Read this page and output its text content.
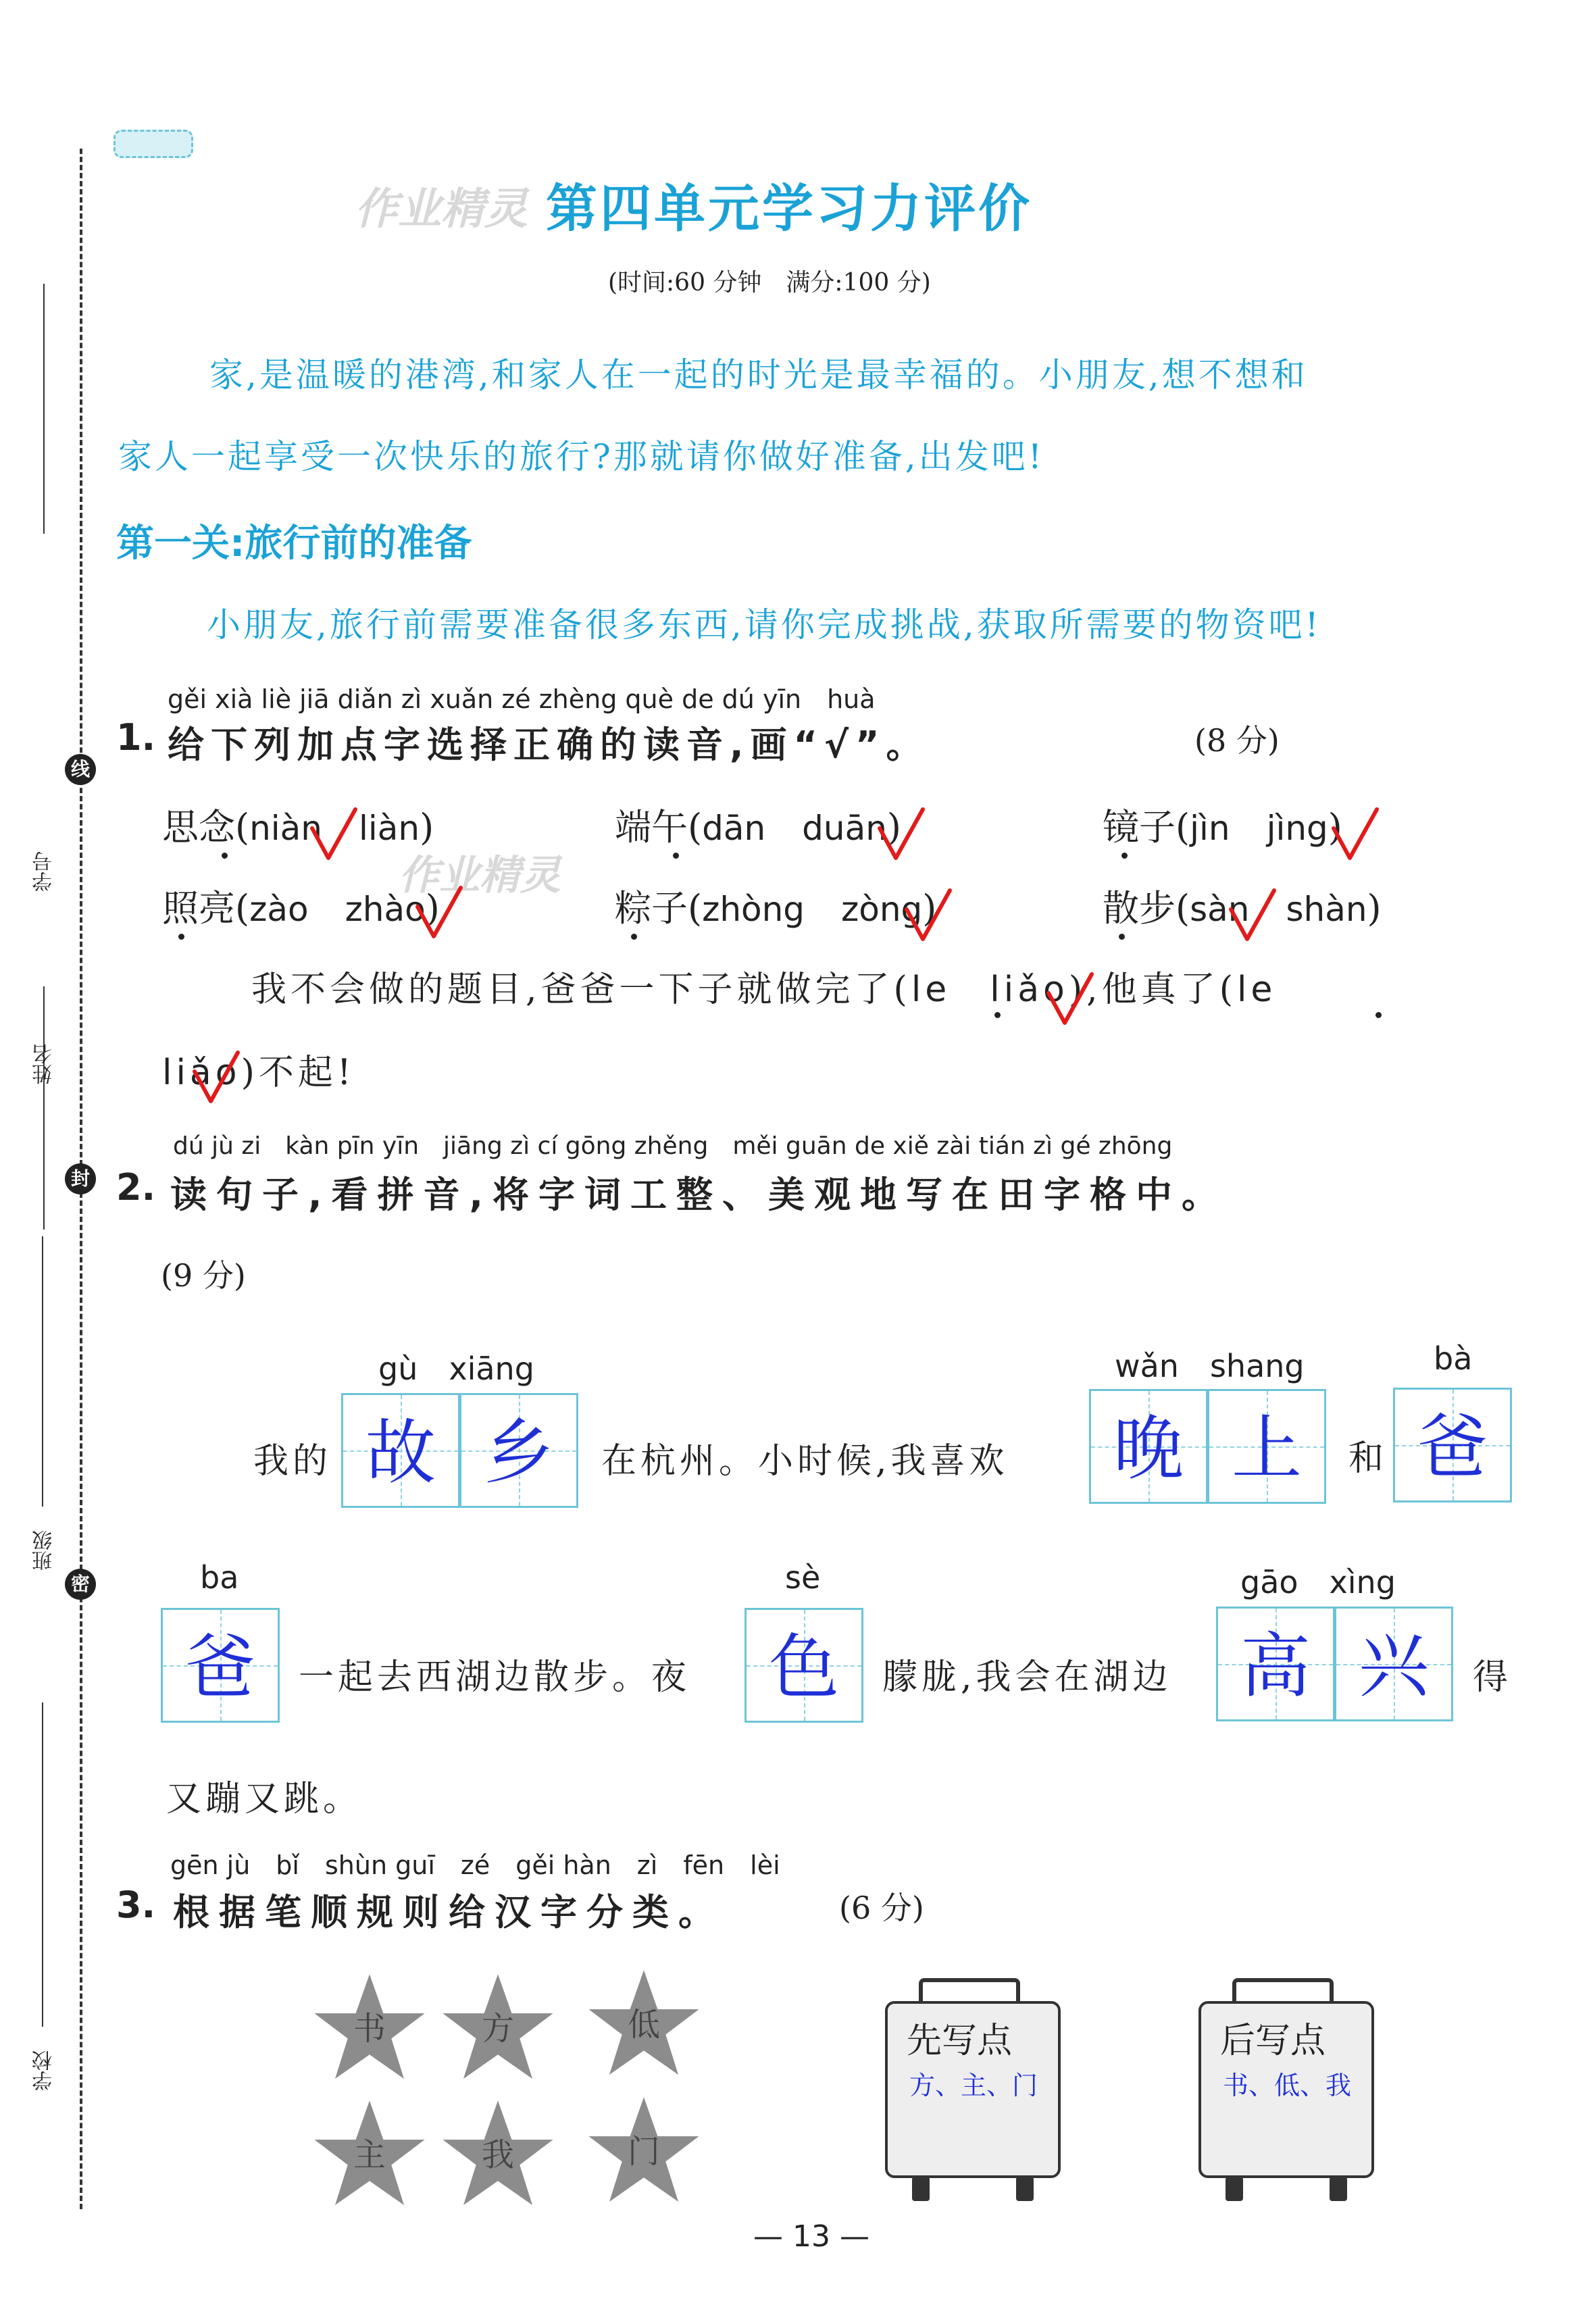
线
封
密
学号
姓名
班级
学校
作业精灵 第四单元学习力评价
(时间:60 分钟　满分:100 分)
家,是温暖的港湾,和家人在一起的时光是最幸福的。小朋友,想不想和
家人一起享受一次快乐的旅行?那就请你做好准备,出发吧!
第一关:旅行前的准备
小朋友,旅行前需要准备很多东西,请你完成挑战,获取所需要的物资吧!
gěi xià liè jiā diǎn zì xuǎn zé zhèng què de dú yīn　huà
1. 给下列加点字选择正确的读音,画“√”。	(8 分)
思念(niàn　 liàn)	端午(dān　 duān)	镜子(jìn　 jìng)
照亮(zào　 zhào)	粽子(zhòng　 zòng)	散步(sàn　 shàn)
作业精灵
我不会做的题目,爸爸一下子就做完了(le　 liǎo),他真了(le
liǎo)不起!
dú jù zi　kàn pīn yīn　jiāng zì cí gōng zhěng　měi guān de xiě zài tián zì gé zhōng
2. 读句子,看拼音,将字词工整、美观地写在田字格中。
(9 分)
gù　xiāng
我的 故 乡	在杭州。小时候,我喜欢
wǎn　shang
晚 上	和
bà
爸
ba
爸	一起去西湖边散步。夜
sè
色	朦胧,我会在湖边
gāo　xìng
高 兴	得
又蹦又跳。
gēn jù　bǐ　shùn guī　zé　gěi hàn　zì　fēn　lèi
3. 根据笔顺规则给汉字分类。	(6 分)
书	方	低
主	我	门
先写点
方、主、门
后写点
书、低、我
— 13 —
